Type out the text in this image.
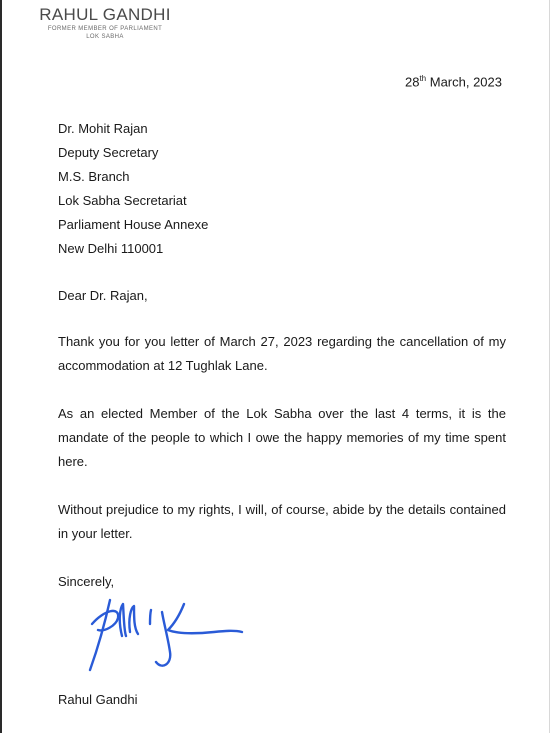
RAHUL GANDHI
FORMER MEMBER OF PARLIAMENT
LOK SABHA
28th March, 2023
Dr. Mohit Rajan
Deputy Secretary
M.S. Branch
Lok Sabha Secretariat
Parliament House Annexe
New Delhi 110001
Dear Dr. Rajan,
Thank you for you letter of March 27, 2023 regarding the cancellation of my accommodation at 12 Tughlak Lane.
As an elected Member of the Lok Sabha over the last 4 terms, it is the mandate of the people to which I owe the happy memories of my time spent here.
Without prejudice to my rights, I will, of course, abide by the details contained in your letter.
Sincerely,
Rahul Gandhi
